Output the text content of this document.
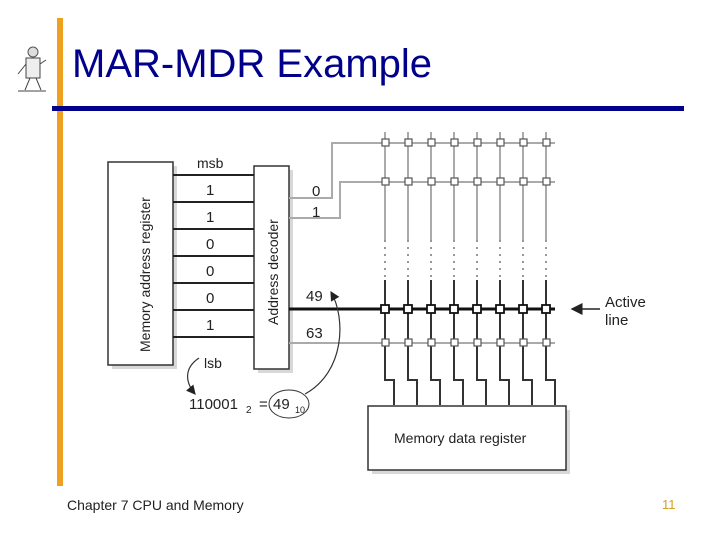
Memory address register	Address decoder
msb
1
1
0
0
0
1
lsb
0
1
49
63
Active
line
Memory data register
110001 2 = 49 10
MAR-MDR Example
Chapter 7 CPU and Memory	11
